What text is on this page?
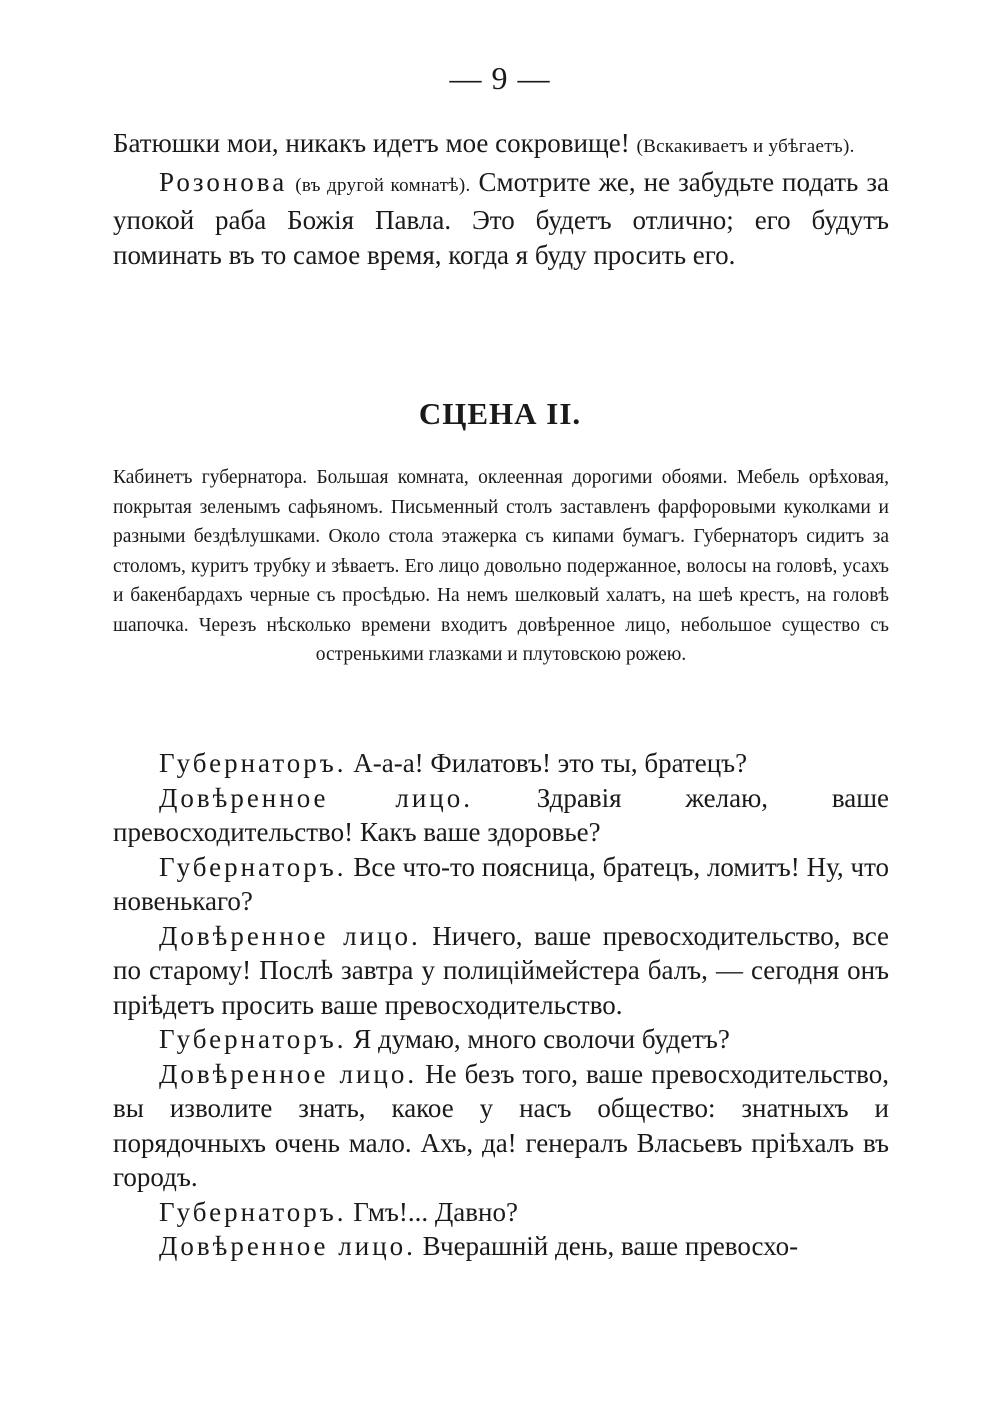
— 9 —

Батюшки мои, никакъ идетъ мое сокровище! (Вскакиваетъ и убѣгаетъ).

Розонова (въ другой комнатѣ). Смотрите же, не забудьте подать за упокой раба Божія Павла. Это будетъ отлично; его будутъ поминать въ то самое время, когда я буду просить его.

СЦЕНА II.

Кабинетъ губернатора. Большая комната, оклеенная дорогими обоями. Мебель орѣховая, покрытая зеленымъ сафьяномъ. Письменный столъ заставленъ фарфоровыми куколками и разными бездѣлушками. Около стола этажерка съ кипами бумагъ. Губернаторъ сидитъ за столомъ, куритъ трубку и зѣваетъ. Его лицо довольно подержанное, волосы на головѣ, усахъ и бакенбардахъ черные съ просѣдью. На немъ шелковый халатъ, на шеѣ крестъ, на головѣ шапочка. Черезъ нѣсколько времени входитъ довѣренное лицо, небольшое существо съ остренькими глазками и плутовскою рожею.

Губернаторъ. А-а-а! Филатовъ! это ты, братецъ?

Довѣренное лицо. Здравія желаю, ваше превосходительство! Какъ ваше здоровье?

Губернаторъ. Все что-то поясница, братецъ, ломитъ! Ну, что новенькаго?

Довѣренное лицо. Ничего, ваше превосходительство, все по старому! Послѣ завтра у полиціймейстера балъ, — сегодня онъ пріѣдетъ просить ваше превосходительство.

Губернаторъ. Я думаю, много сволочи будетъ?

Довѣренное лицо. Не безъ того, ваше превосходительство, вы изволите знать, какое у насъ общество: знатныхъ и порядочныхъ очень мало. Ахъ, да! генералъ Власьевъ пріѣхалъ въ городъ.

Губернаторъ. Гмъ!... Давно?

Довѣренное лицо. Вчерашній день, ваше превосхо-
